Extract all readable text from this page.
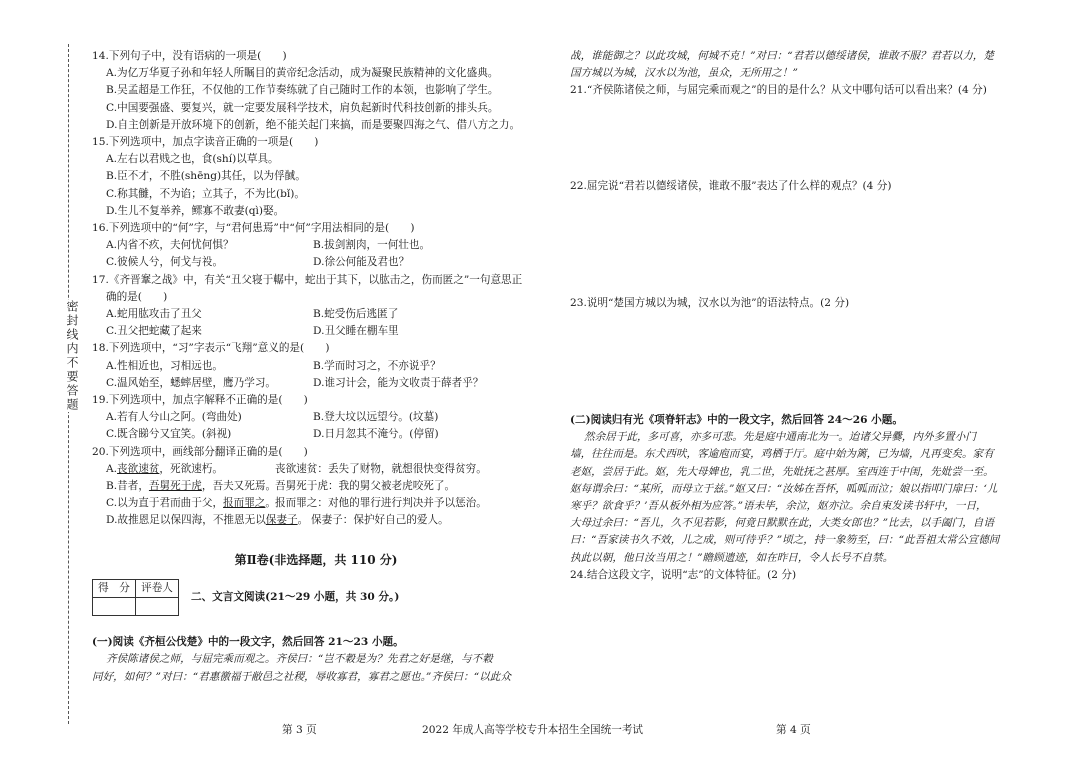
密封线内不要答题
14.下列句子中，没有语病的一项是(　　)
A.为亿万华夏子孙和年轻人所瞩目的黄帝纪念活动，成为凝聚民族精神的文化盛典。
B.吴孟超是工作狂，不仅他的工作节奏练就了自己随时工作的本领，也影响了学生。
C.中国要强盛、要复兴，就一定要发展科学技术，肩负起新时代科技创新的排头兵。
D.自主创新是开放环境下的创新，绝不能关起门来搞，而是要聚四海之气、借八方之力。
15.下列选项中，加点字读音正确的一项是(　　)
A.左右以君贱之也，食(shí)以草具。
B.臣不才，不胜(shēng)其任，以为俘馘。
C.称其雠，不为谄；立其子，不为比(bǐ)。
D.生儿不复举养，鳏寡不敢妻(qì)娶。
16.下列选项中的“何”字，与“君何患焉”中“何”字用法相同的是(　　)
A.内省不疚，夫何忧何惧？	B.拔剑割肉，一何壮也。
C.彼候人兮，何戈与祋。	D.徐公何能及君也？
17.《齐晋鞌之战》中，有关“丑父寝于轏中，蛇出于其下，以肱击之，伤而匿之”一句意思正
确的是(　　)
A.蛇用肱攻击了丑父	B.蛇受伤后逃匿了
C.丑父把蛇藏了起来	D.丑父睡在棚车里
18.下列选项中，“习”字表示“飞翔”意义的是(　　)
A.性相近也，习相远也。	B.学而时习之，不亦说乎？
C.温风始至，蟋蟀居壁，鹰乃学习。	D.谁习计会，能为文收责于薛者乎？
19.下列选项中，加点字解释不正确的是(　　)
A.若有人兮山之阿。(弯曲处)	B.登大坟以远望兮。(坟墓)
C.既含睇兮又宜笑。(斜视)	D.日月忽其不淹兮。(停留)
20.下列选项中，画线部分翻译正确的是(　　)
A.丧欲速贫，死欲速朽。	丧欲速贫：丢失了财物，就想很快变得贫穷。
B.昔者，吾舅死于虎，吾夫又死焉。
吾舅死于虎：我的舅父被老虎咬死了。
C.以为直于君而曲于父，报而罪之。
报而罪之：对他的罪行进行判决并予以惩治。
D.故推恩足以保四海，不推恩无以保妻子。 保妻子：保护好自己的爱人。
第Ⅱ卷(非选择题，共 110 分)
得　分	评卷人

二、文言文阅读(21～29 小题，共 30 分。)
(一)阅读《齐桓公伐楚》中的一段文字，然后回答 21～23 小题。
齐侯陈诸侯之师，与屈完乘而观之。齐侯曰：“岂不穀是为？先君之好是继，与不穀
同好，如何？”对曰：“君惠徼福于敝邑之社稷，辱收寡君，寡君之愿也。”齐侯曰：“以此众
战，谁能御之？以此攻城，何城不克！”对曰：“君若以德绥诸侯，谁敢不服？君若以力，楚
国方城以为城，汉水以为池，虽众，无所用之！”
21.“齐侯陈诸侯之师，与屈完乘而观之”的目的是什么？从文中哪句话可以看出来？(4 分)
22.屈完说“君若以德绥诸侯，谁敢不服”表达了什么样的观点？(4 分)
23.说明“楚国方城以为城，汉水以为池”的语法特点。(2 分)
(二)阅读归有光《项脊轩志》中的一段文字，然后回答 24～26 小题。
然余居于此，多可喜，亦多可悲。先是庭中通南北为一。迨诸父异爨，内外多置小门
墙，往往而是。东犬西吠，客逾庖而宴，鸡栖于厅。庭中始为篱，已为墙，凡再变矣。家有
老妪，尝居于此。妪，先大母婢也，乳二世，先妣抚之甚厚。室西连于中闺，先妣尝一至。
妪每谓余曰：“某所，而母立于兹。”妪又曰：“汝姊在吾怀，呱呱而泣；娘以指叩门扉曰：‘儿
寒乎？欲食乎？’吾从板外相为应答。”语未毕，余泣，妪亦泣。余自束发读书轩中，一日，
大母过余曰：“吾儿，久不见若影，何竟日默默在此，大类女郎也？”比去，以手阖门，自语
曰：“吾家读书久不效，儿之成，则可待乎？”顷之，持一象笏至，曰：“此吾祖太常公宣德间
执此以朝，他日汝当用之！”瞻顾遗迹，如在昨日，令人长号不自禁。
24.结合这段文字，说明“志”的文体特征。(2 分)
第 3 页	2022 年成人高等学校专升本招生全国统一考试	第 4 页
